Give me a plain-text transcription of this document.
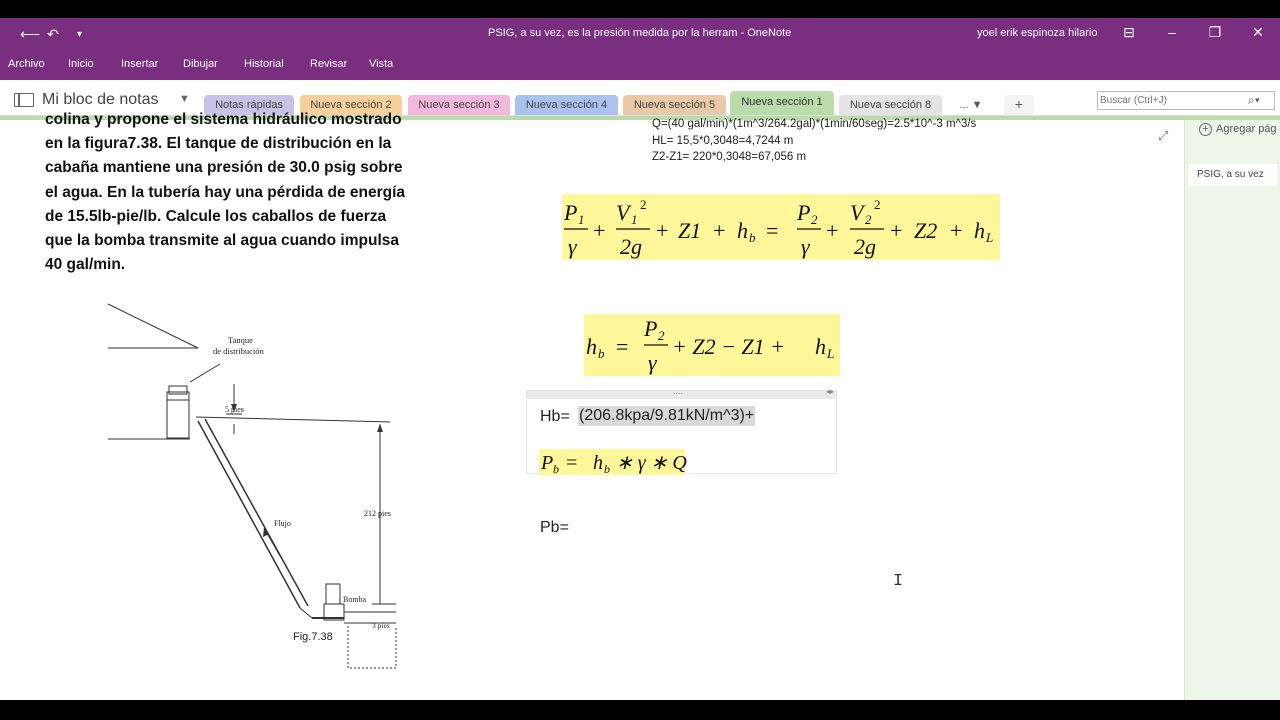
⟵ ↶ ▾	PSIG, a su vez, es la presión medida por la herram - OneNote	yoel erik espinoza hilario ⊟ – ❐ ✕
Archivo Inicio Insertar Dibujar Historial Revisar Vista
Mi bloc de notas ▼	Notas rápidas	Nueva sección 2	Nueva sección 3	Nueva sección 4	Nueva sección 5	Nueva sección 1	Nueva sección 8	... ▼	+
Buscar (Ctrl+J)	⌕▾
colina y propone el sistema hidráulico mostrado
en la figura7.38. El tanque de distribución en la
cabaña mantiene una presión de 30.0 psig sobre
el agua. En la tubería hay una pérdida de energía
de 15.5lb-pie/lb. Calcule los caballos de fuerza
que la bomba transmite al agua cuando impulsa
40 gal/min.
Tanque
de distribución
5 pies
212 pies
Flujo
Bomba
3 pies
Fig.7.38
Q=(40 gal/min)*(1m^3/264.2gal)*(1min/60seg)=2.5*10^-3 m^3/s
HL= 15,5*0,3048=4,7244 m
Z2-Z1= 220*0,3048=67,056 m
P 1
γ
+
V 1
2
2g
+ Z1 + h b =
P 2
γ
+
V 2
2
2g
+ Z2 + h L
h b =
P 2
γ
+ Z2 − Z1 + h L
....	◂▸
Hb= (206.8kpa/9.81kN/m^3)+
P b = h b ∗ γ ∗ Q
Pb=
I
⤢	+ Agregar pág
PSIG, a su vez
